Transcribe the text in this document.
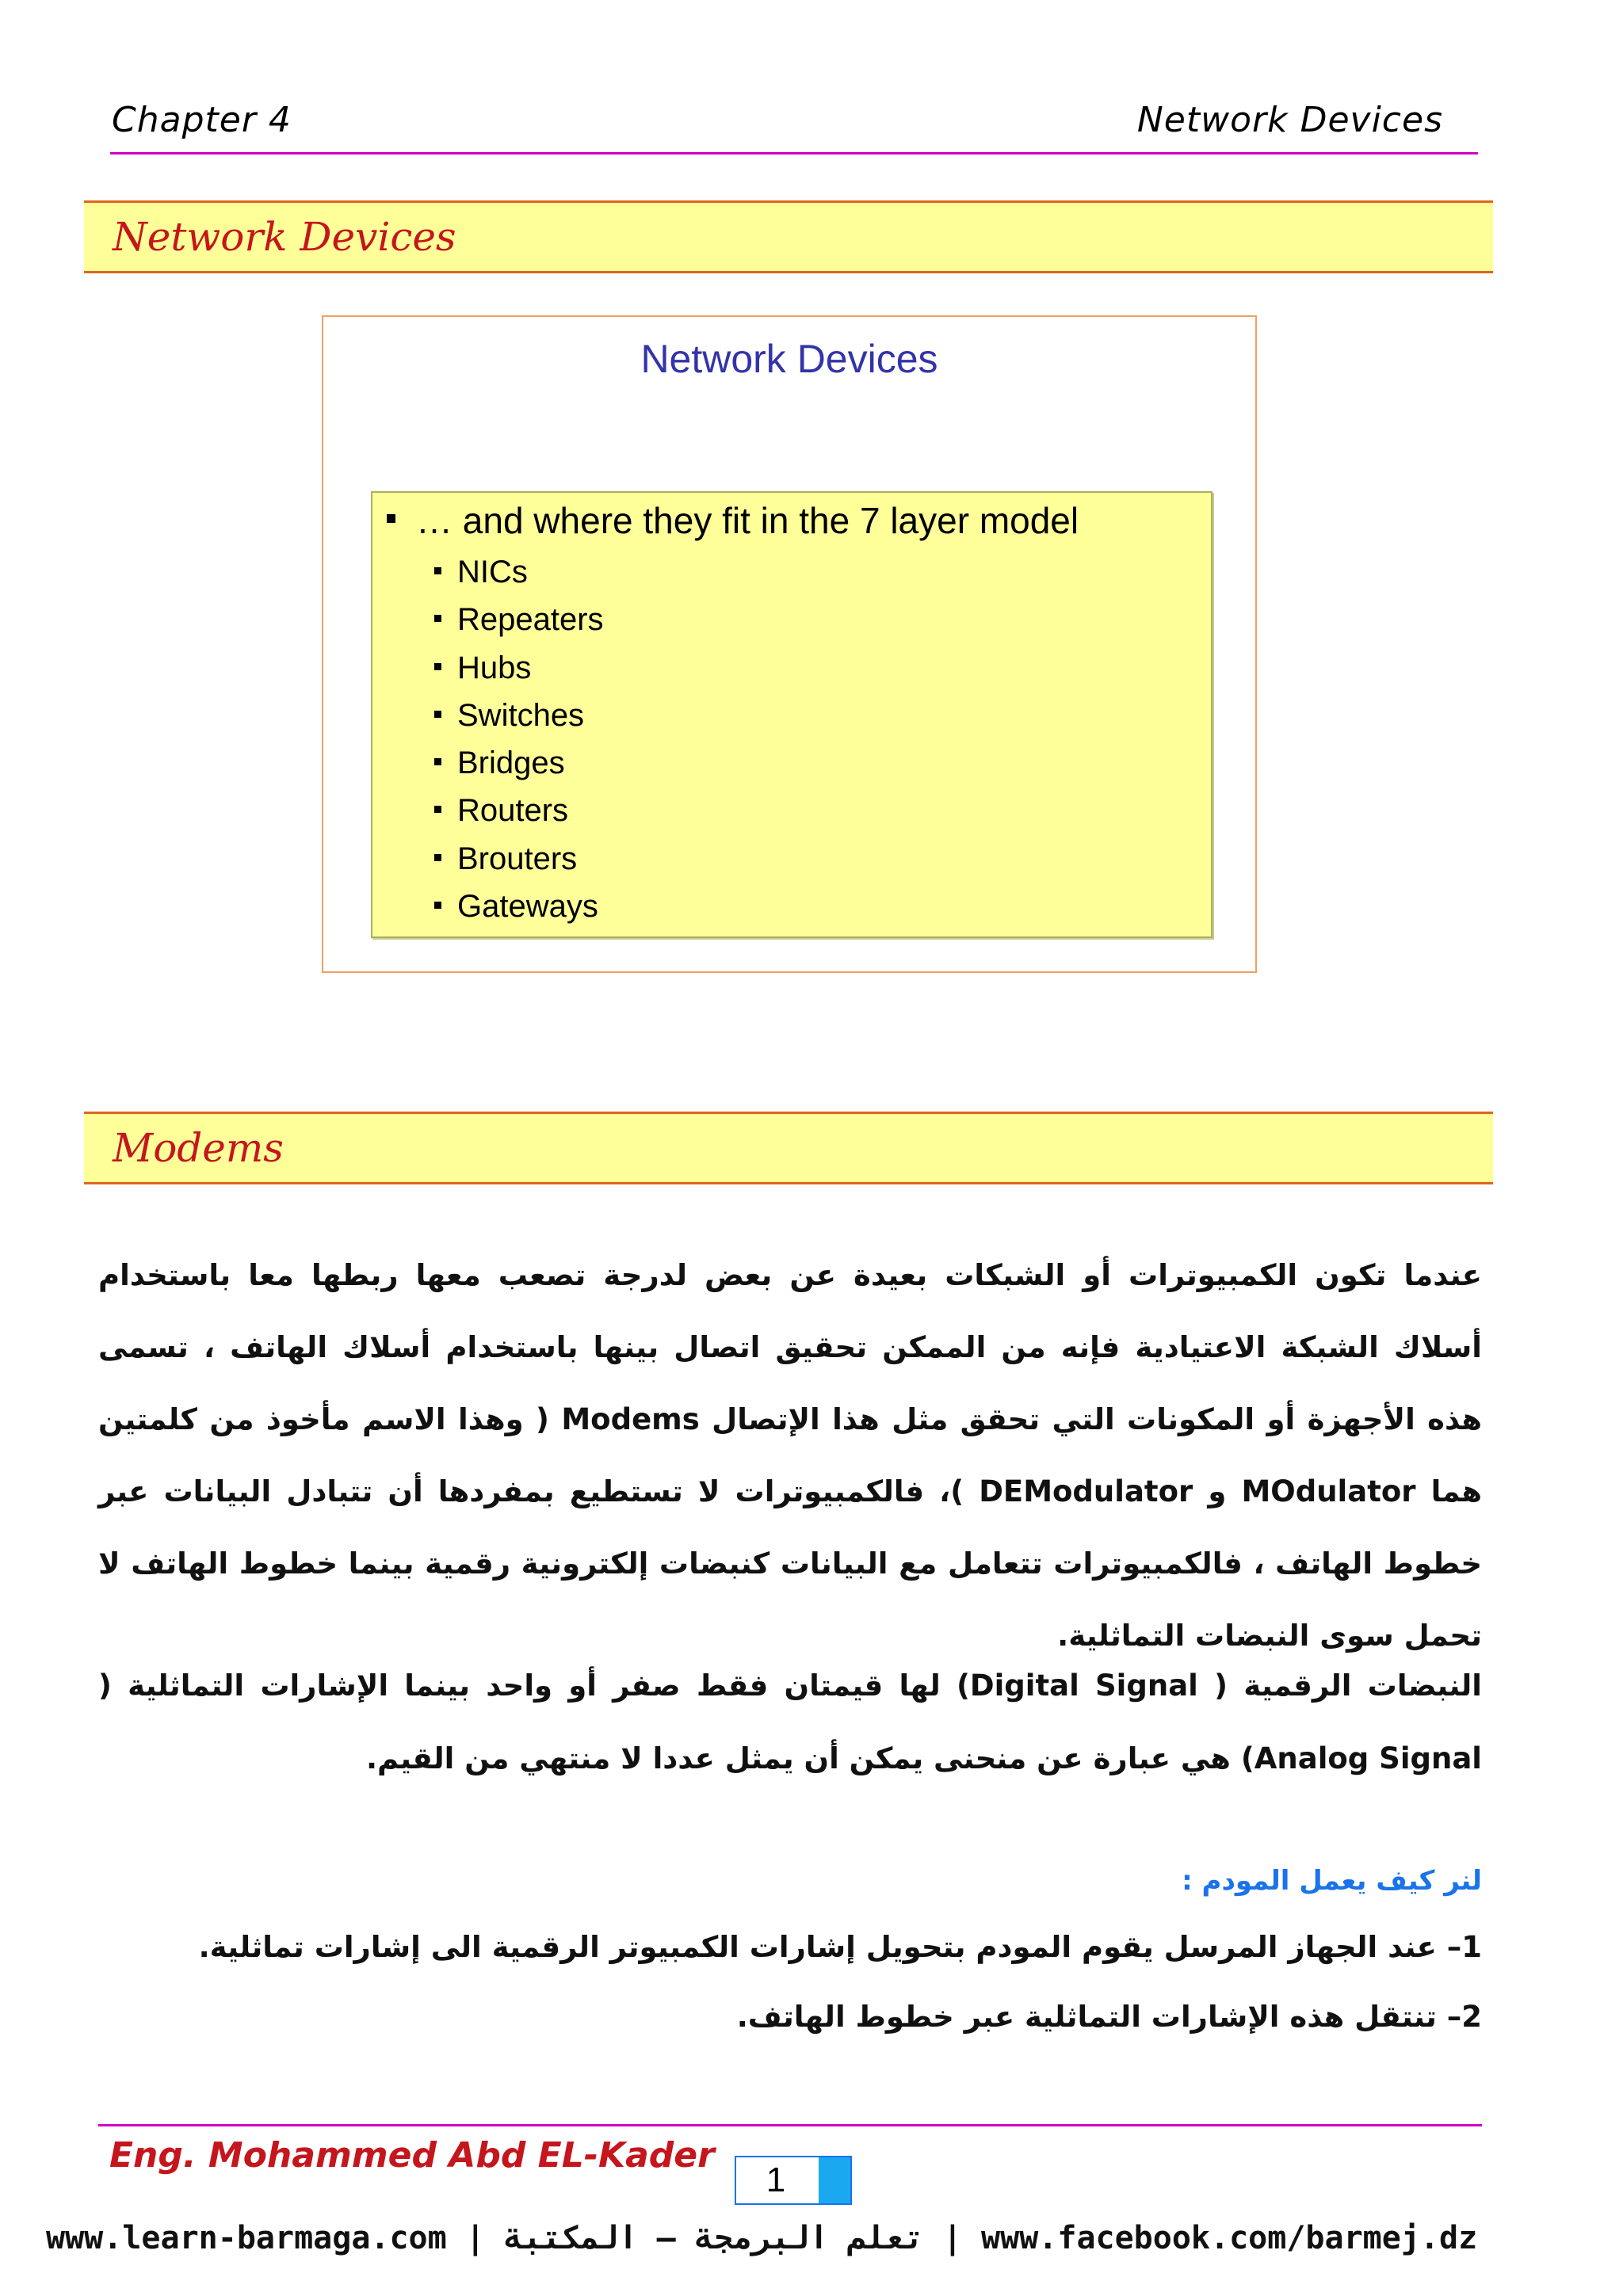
Chapter 4	Network Devices
Network Devices
Network Devices
… and where they fit in the 7 layer model
NICs
Repeaters
Hubs
Switches
Bridges
Routers
Brouters
Gateways
Modems

عندما تكون الكمبيوترات أو الشبكات بعيدة عن بعض لدرجة تصعب معها ربطها معا باستخدام أسلاك الشبكة الاعتيادية فإنه من الممكن تحقيق اتصال بينها باستخدام أسلاك الهاتف ، تسمى هذه الأجهزة أو المكونات التي تحقق مثل هذا الإتصال Modems ( وهذا الاسم مأخوذ من كلمتين هما MOdulator و DEModulator )، فالكمبيوترات لا تستطيع بمفردها أن تتبادل البيانات عبر خطوط الهاتف ، فالكمبيوترات تتعامل مع البيانات كنبضات إلكترونية رقمية بينما خطوط الهاتف لا تحمل سوى النبضات التماثلية.

النبضات الرقمية ( Digital Signal) لها قيمتان فقط صفر أو واحد بينما الإشارات التماثلية ( Analog Signal) هي عبارة عن منحنى يمكن أن يمثل عددا لا منتهي من القيم.

لنر كيف يعمل المودم :
1– عند الجهاز المرسل يقوم المودم بتحويل إشارات الكمبيوتر الرقمية الى إشارات تماثلية.
2– تنتقل هذه الإشارات التماثلية عبر خطوط الهاتف.
Eng. Mohammed Abd EL-Kader
1
www.learn-barmaga.com | تعلم البرمجة – المكتبة | www.facebook.com/barmej.dz
